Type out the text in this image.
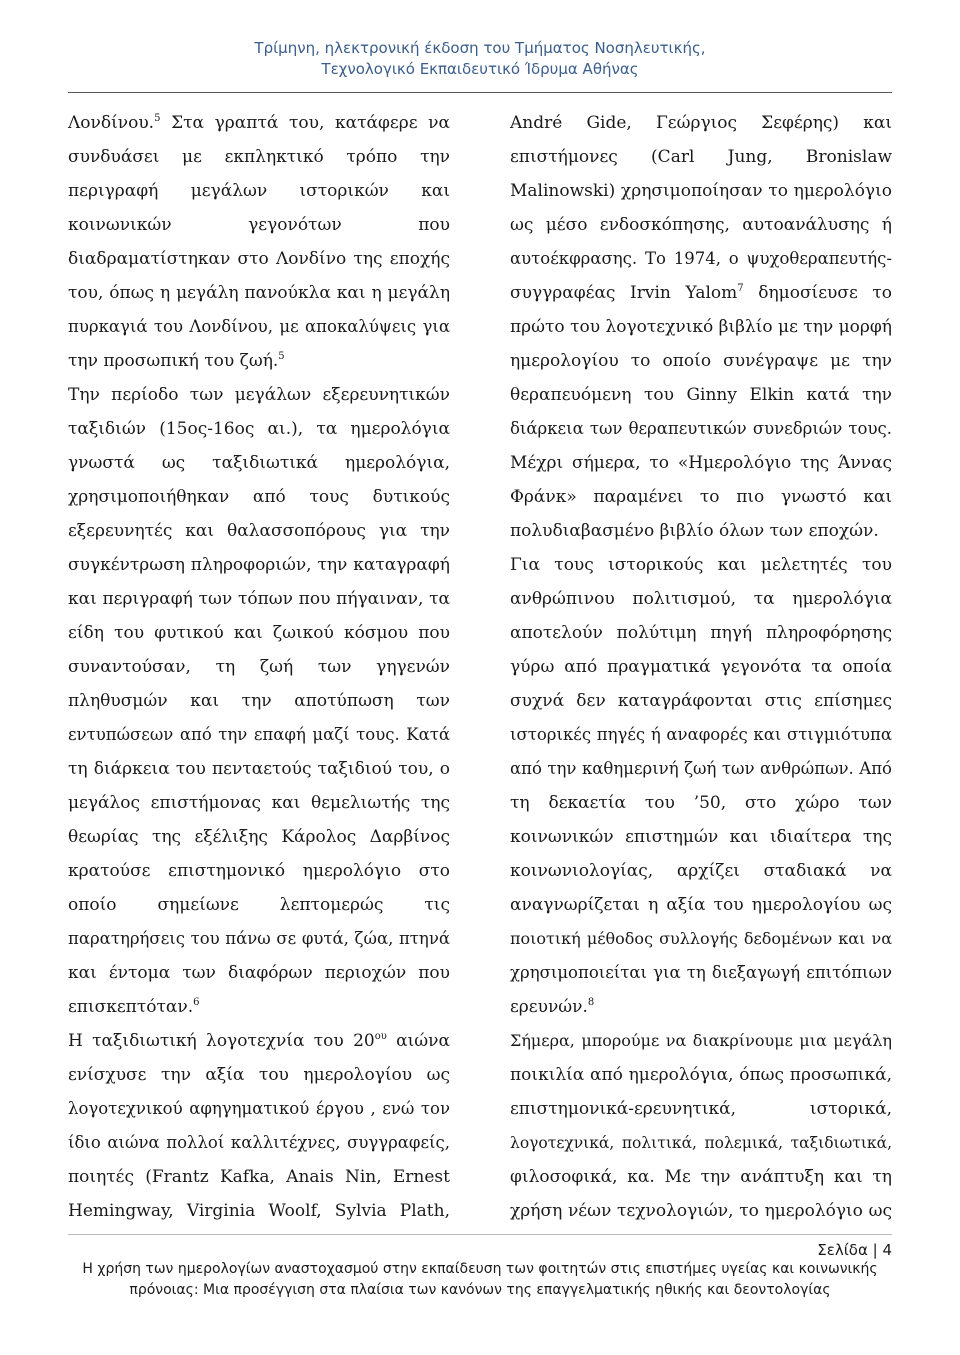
Τρίμηνη, ηλεκτρονική έκδοση του Τμήματος Νοσηλευτικής,
Τεχνολογικό Εκπαιδευτικό Ίδρυμα Αθήνας
Λονδίνου.$^5$ Στα γραπτά του, κατάφερε να
συνδυάσει με εκπληκτικό τρόπο την
περιγραφή μεγάλων ιστορικών και
κοινωνικών γεγονότων που
διαδραματίστηκαν στο Λονδίνο της εποχής
του, όπως η μεγάλη πανούκλα και η μεγάλη
πυρκαγιά του Λονδίνου, με αποκαλύψεις για
την προσωπική του ζωή.$^5$
Την περίοδο των μεγάλων εξερευνητικών
ταξιδιών (15ος-16ος αι.), τα ημερολόγια
γνωστά ως ταξιδιωτικά ημερολόγια,
χρησιμοποιήθηκαν από τους δυτικούς
εξερευνητές και θαλασσοπόρους για την
συγκέντρωση πληροφοριών, την καταγραφή
και περιγραφή των τόπων που πήγαιναν, τα
είδη του φυτικού και ζωικού κόσμου που
συναντούσαν, τη ζωή των γηγενών
πληθυσμών και την αποτύπωση των
εντυπώσεων από την επαφή μαζί τους. Κατά
τη διάρκεια του πενταετούς ταξιδιού του, ο
μεγάλος επιστήμονας και θεμελιωτής της
θεωρίας της εξέλιξης Κάρολος Δαρβίνος
κρατούσε επιστημονικό ημερολόγιο στο
οποίο σημείωνε λεπτομερώς τις
παρατηρήσεις του πάνω σε φυτά, ζώα, πτηνά
και έντομα των διαφόρων περιοχών που
επισκεπτόταν.$^6$
Η ταξιδιωτική λογοτεχνία του $20^{o\upsilon}$ αιώνα
ενίσχυσε την αξία του ημερολογίου ως
λογοτεχνικού αφηγηματικού έργου , ενώ τον
ίδιο αιώνα πολλοί καλλιτέχνες, συγγραφείς,
ποιητές (Frantz Kafka, Anais Nin, Ernest
Hemingway, Virginia Woolf, Sylvia Plath,
André Gide, Γεώργιος Σεφέρης) και
επιστήμονες (Carl Jung, Bronislaw
Malinowski) χρησιμοποίησαν το ημερολόγιο
ως μέσο ενδοσκόπησης, αυτοανάλυσης ή
αυτοέκφρασης. Το 1974, ο ψυχοθεραπευτής-
συγγραφέας Irvin Yalom$^7$ δημοσίευσε το
πρώτο του λογοτεχνικό βιβλίο με την μορφή
ημερολογίου το οποίο συνέγραψε με την
θεραπευόμενη του Ginny Elkin κατά την
διάρκεια των θεραπευτικών συνεδριών τους.
Μέχρι σήμερα, το «Ημερολόγιο της Άννας
Φράνκ» παραμένει το πιο γνωστό και
πολυδιαβασμένο βιβλίο όλων των εποχών.
Για τους ιστορικούς και μελετητές του
ανθρώπινου πολιτισμού, τα ημερολόγια
αποτελούν πολύτιμη πηγή πληροφόρησης
γύρω από πραγματικά γεγονότα τα οποία
συχνά δεν καταγράφονται στις επίσημες
ιστορικές πηγές ή αναφορές και στιγμιότυπα
από την καθημερινή ζωή των ανθρώπων. Από
τη δεκαετία του ’50, στο χώρο των
κοινωνικών επιστημών και ιδιαίτερα της
κοινωνιολογίας, αρχίζει σταδιακά να
αναγνωρίζεται η αξία του ημερολογίου ως
ποιοτική μέθοδος συλλογής δεδομένων και να
χρησιμοποιείται για τη διεξαγωγή επιτόπιων
ερευνών.$^8$
Σήμερα, μπορούμε να διακρίνουμε μια μεγάλη
ποικιλία από ημερολόγια, όπως προσωπικά,
επιστημονικά-ερευνητικά, ιστορικά,
λογοτεχνικά, πολιτικά, πολεμικά, ταξιδιωτικά,
φιλοσοφικά, κα. Με την ανάπτυξη και τη
χρήση νέων τεχνολογιών, το ημερολόγιο ως
Σελίδα | 4
Η χρήση των ημερολογίων αναστοχασμού στην εκπαίδευση των φοιτητών στις επιστήμες υγείας και κοινωνικής
πρόνοιας: Μια προσέγγιση στα πλαίσια των κανόνων της επαγγελματικής ηθικής και δεοντολογίας
